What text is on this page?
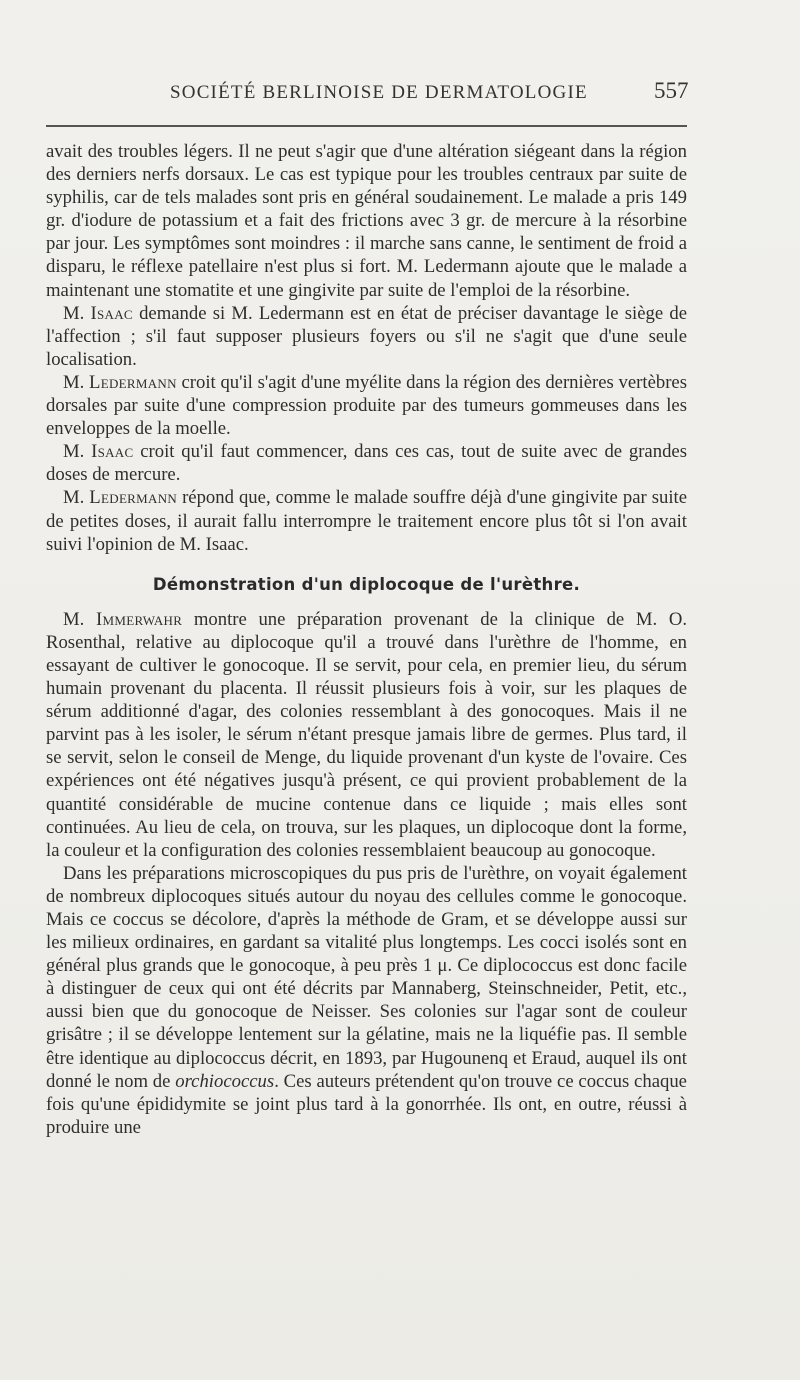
SOCIÉTÉ BERLINOISE DE DERMATOLOGIE	557

avait des troubles légers. Il ne peut s'agir que d'une altération siégeant dans la région des derniers nerfs dorsaux. Le cas est typique pour les troubles centraux par suite de syphilis, car de tels malades sont pris en général soudainement. Le malade a pris 149 gr. d'iodure de potassium et a fait des frictions avec 3 gr. de mercure à la résorbine par jour. Les symptômes sont moindres : il marche sans canne, le sentiment de froid a disparu, le réflexe patellaire n'est plus si fort. M. Ledermann ajoute que le malade a maintenant une stomatite et une gingivite par suite de l'emploi de la résorbine.

M. Isaac demande si M. Ledermann est en état de préciser davantage le siège de l'affection ; s'il faut supposer plusieurs foyers ou s'il ne s'agit que d'une seule localisation.

M. Ledermann croit qu'il s'agit d'une myélite dans la région des dernières vertèbres dorsales par suite d'une compression produite par des tumeurs gommeuses dans les enveloppes de la moelle.

M. Isaac croit qu'il faut commencer, dans ces cas, tout de suite avec de grandes doses de mercure.

M. Ledermann répond que, comme le malade souffre déjà d'une gingivite par suite de petites doses, il aurait fallu interrompre le traitement encore plus tôt si l'on avait suivi l'opinion de M. Isaac.

Démonstration d'un diplocoque de l'urèthre.

M. Immerwahr montre une préparation provenant de la clinique de M. O. Rosenthal, relative au diplocoque qu'il a trouvé dans l'urèthre de l'homme, en essayant de cultiver le gonocoque. Il se servit, pour cela, en premier lieu, du sérum humain provenant du placenta. Il réussit plusieurs fois à voir, sur les plaques de sérum additionné d'agar, des colonies ressemblant à des gonocoques. Mais il ne parvint pas à les isoler, le sérum n'étant presque jamais libre de germes. Plus tard, il se servit, selon le conseil de Menge, du liquide provenant d'un kyste de l'ovaire. Ces expériences ont été négatives jusqu'à présent, ce qui provient probablement de la quantité considérable de mucine contenue dans ce liquide ; mais elles sont continuées. Au lieu de cela, on trouva, sur les plaques, un diplocoque dont la forme, la couleur et la configuration des colonies ressemblaient beaucoup au gonocoque.

Dans les préparations microscopiques du pus pris de l'urèthre, on voyait également de nombreux diplocoques situés autour du noyau des cellules comme le gonocoque. Mais ce coccus se décolore, d'après la méthode de Gram, et se développe aussi sur les milieux ordinaires, en gardant sa vitalité plus longtemps. Les cocci isolés sont en général plus grands que le gonocoque, à peu près 1 μ. Ce diplococcus est donc facile à distinguer de ceux qui ont été décrits par Mannaberg, Steinschneider, Petit, etc., aussi bien que du gonocoque de Neisser. Ses colonies sur l'agar sont de couleur grisâtre ; il se développe lentement sur la gélatine, mais ne la liquéfie pas. Il semble être identique au diplococcus décrit, en 1893, par Hugounenq et Eraud, auquel ils ont donné le nom de orchiococcus. Ces auteurs prétendent qu'on trouve ce coccus chaque fois qu'une épididymite se joint plus tard à la gonorrhée. Ils ont, en outre, réussi à produire une
